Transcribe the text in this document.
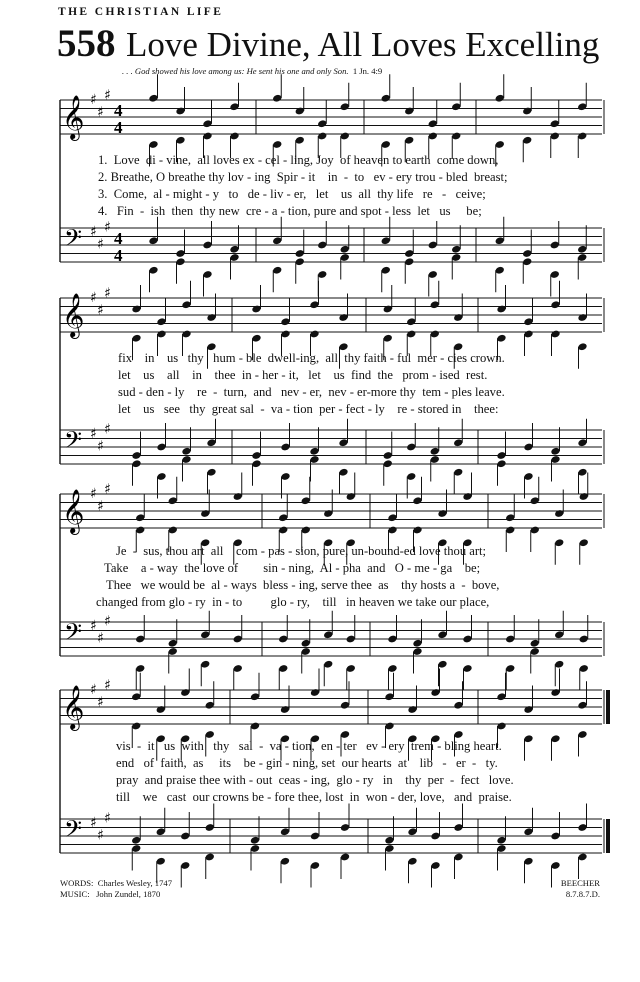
THE CHRISTIAN LIFE
558 Love Divine, All Loves Excelling
. . . God showed his love among us: He sent his one and only Son. 1 Jn. 4:9
𝄞
𝄢
♯
♯
♯
♯
♯
♯
4
4
4
4
𝄞
𝄢
♯
♯
♯
♯
♯
♯
𝄞
𝄢
♯
♯
♯
♯
♯
♯
𝄞
𝄢
♯
♯
♯
♯
♯
♯
1.  Love  di - vine,  all loves ex - cel - ling, Joy  of heaven to earth  come down,
2. Breathe, O breathe thy lov - ing  Spir - it    in  -  to   ev - ery trou - bled  breast;
3.  Come,  al - might - y   to   de - liv - er,   let    us  all  thy life   re   -   ceive;
4.   Fin  -  ish  then  thy new  cre - a - tion, pure and spot - less  let   us     be;
fix    in    us   thy   hum - ble  dwell-ing,  all  thy faith - ful  mer - cies crown.
let    us    all    in    thee  in - her - it,   let    us  find  the   prom - ised  rest.
sud - den - ly    re  -  turn,  and   nev - er,  nev - er-more thy  tem - ples leave.
let    us   see   thy  great sal  -  va - tion  per - fect - ly    re - stored in    thee:
Je  -  sus, thou art  all    com - pas - sion, pure, un-bound-ed love thou art;
Take    a - way  the love of        sin - ning,  Al - pha  and   O - me - ga    be;
Thee   we would be  al - ways  bless - ing, serve thee  as    thy hosts a  -  bove,
changed from glo - ry  in - to         glo - ry,    till   in heaven we take our place,
vis  -  it   us  with   thy   sal  -  va - tion,  en - ter   ev - ery  trem - bling heart.
end   of  faith,  as     its    be - gin - ning, set  our hearts  at    lib   -   er  -   ty.
pray  and praise thee with - out  ceas - ing,  glo - ry   in    thy  per  -  fect   love.
till    we   cast  our crowns be - fore thee, lost  in  won - der, love,   and  praise.
WORDS: Charles Wesley, 1747
MUSIC: John Zundel, 1870
BEECHER
8.7.8.7.D.
